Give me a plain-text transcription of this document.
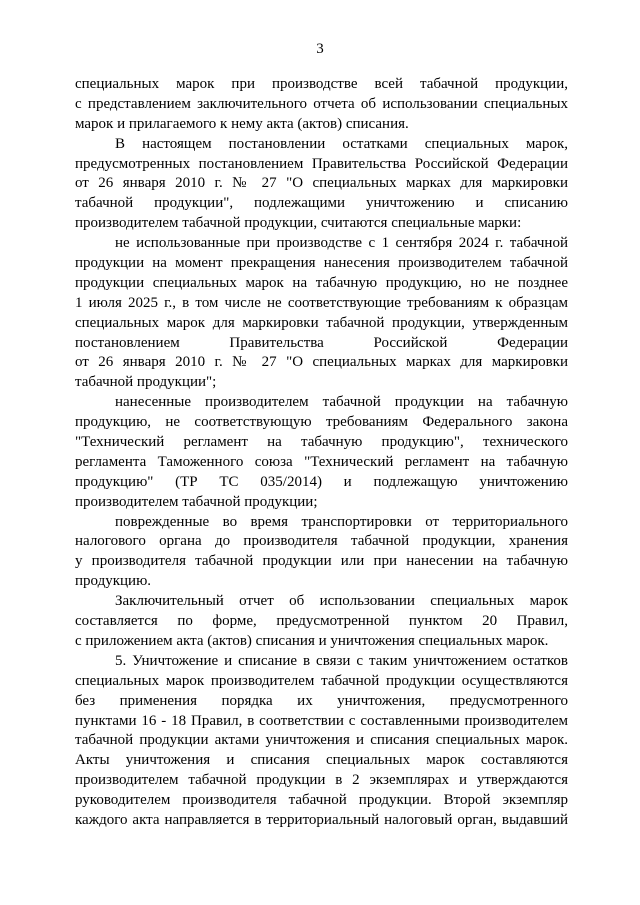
3
специальных марок при производстве всей табачной продукции,
с представлением заключительного отчета об использовании специальных
марок и прилагаемого к нему акта (актов) списания.
В настоящем постановлении остатками специальных марок,
предусмотренных постановлением Правительства Российской Федерации
от 26 января 2010 г. № 27 "О специальных марках для маркировки
табачной продукции", подлежащими уничтожению и списанию
производителем табачной продукции, считаются специальные марки:
не использованные при производстве с 1 сентября 2024 г. табачной
продукции на момент прекращения нанесения производителем табачной
продукции специальных марок на табачную продукцию, но не позднее
1 июля 2025 г., в том числе не соответствующие требованиям к образцам
специальных марок для маркировки табачной продукции, утвержденным
постановлением Правительства Российской Федерации
от 26 января 2010 г. № 27 "О специальных марках для маркировки
табачной продукции";
нанесенные производителем табачной продукции на табачную
продукцию, не соответствующую требованиям Федерального закона
"Технический регламент на табачную продукцию", технического
регламента Таможенного союза "Технический регламент на табачную
продукцию" (ТР ТС 035/2014) и подлежащую уничтожению
производителем табачной продукции;
поврежденные во время транспортировки от территориального
налогового органа до производителя табачной продукции, хранения
у производителя табачной продукции или при нанесении на табачную
продукцию.
Заключительный отчет об использовании специальных марок
составляется по форме, предусмотренной пунктом 20 Правил,
с приложением акта (актов) списания и уничтожения специальных марок.
5. Уничтожение и списание в связи с таким уничтожением остатков
специальных марок производителем табачной продукции осуществляются
без применения порядка их уничтожения, предусмотренного
пунктами 16 - 18 Правил, в соответствии с составленными производителем
табачной продукции актами уничтожения и списания специальных марок.
Акты уничтожения и списания специальных марок составляются
производителем табачной продукции в 2 экземплярах и утверждаются
руководителем производителя табачной продукции. Второй экземпляр
каждого акта направляется в территориальный налоговый орган, выдавший
